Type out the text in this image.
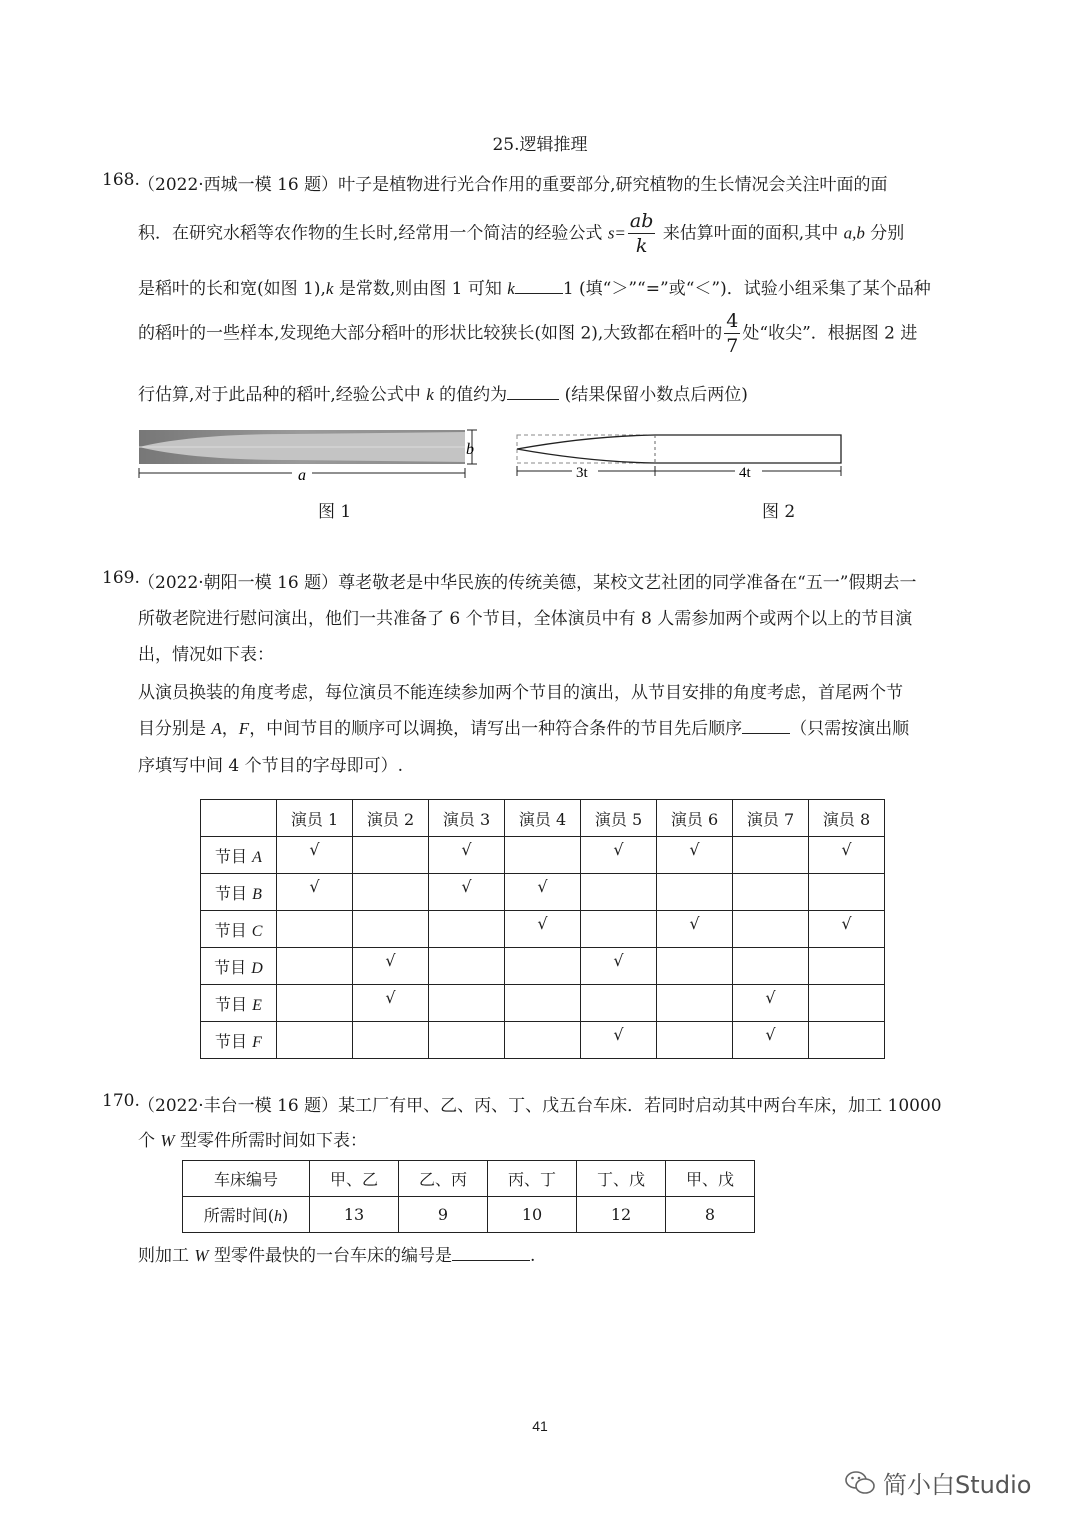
25.逻辑推理
168.
（2022·西城一模 16 题）叶子是植物进行光合作用的重要部分,研究植物的生长情况会关注叶面的面
积．在研究水稻等农作物的生长时,经常用一个简洁的经验公式 $s= \frac{ab}{k}$ 来估算叶面的面积,其中 a,b 分别
是稻叶的长和宽(如图 1),k 是常数,则由图 1 可知 k	1 (填“＞”“=”或“＜”)．试验小组采集了某个品种
的稻叶的一些样本,发现绝大部分稻叶的形状比较狭长(如图 2),大致都在稻叶的 $\frac{4}{7}$ 处“收尖”．根据图 2 进
行估算,对于此品种的稻叶,经验公式中 k 的值约为	(结果保留小数点后两位)
b
a
图 1
3t	4t
图 2
169.
（2022·朝阳一模 16 题）尊老敬老是中华民族的传统美德，某校文艺社团的同学准备在“五一”假期去一
所敬老院进行慰问演出，他们一共准备了 6 个节目，全体演员中有 8 人需参加两个或两个以上的节目演
出，情况如下表：
从演员换装的角度考虑，每位演员不能连续参加两个节目的演出，从节目安排的角度考虑，首尾两个节
目分别是 A，F，中间节目的顺序可以调换，请写出一种符合条件的节目先后顺序	（只需按演出顺
序填写中间 4 个节目的字母即可）.
	演员 1	演员 2	演员 3	演员 4	演员 5	演员 6	演员 7	演员 8
节目 A	√		√		√	√		√
节目 B	√		√	√				
节目 C				√		√		√
节目 D		√			√			
节目 E		√					√	
节目 F					√		√	
170.
（2022·丰台一模 16 题）某工厂有甲、乙、丙、丁、戊五台车床．若同时启动其中两台车床，加工 10000
个 W 型零件所需时间如下表：
车床编号	甲、乙	乙、丙	丙、丁	丁、戊	甲、戊
所需时间(h)	13	9	10	12	8
则加工 W 型零件最快的一台车床的编号是	.
41
简小白Studio
